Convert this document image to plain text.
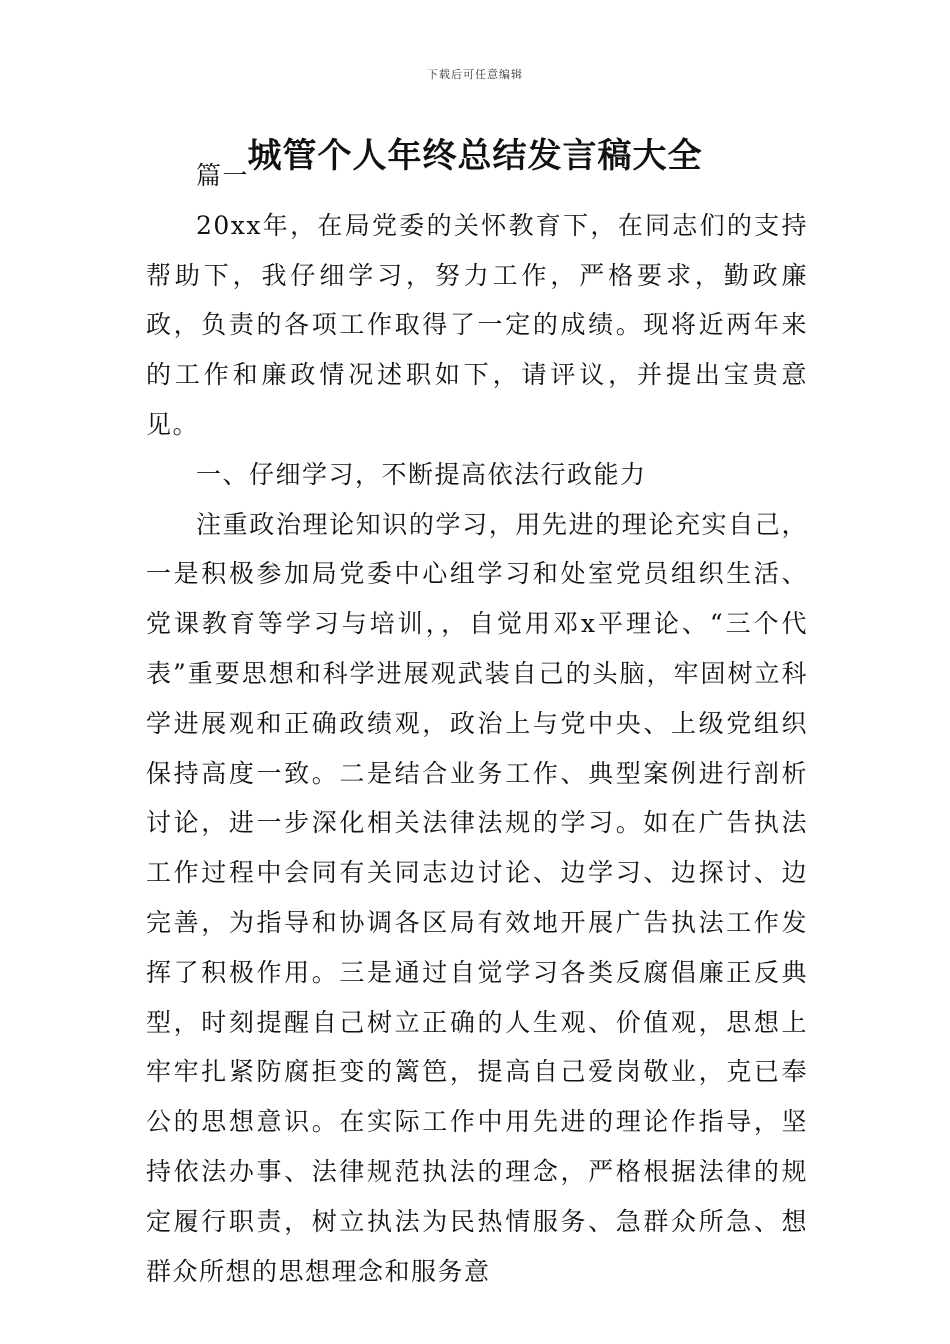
下载后可任意编辑
城管个人年终总结发言稿大全

篇一

20xx年，在局党委的关怀教育下，在同志们的支持帮助下，我仔细学习，努力工作，严格要求，勤政廉政，负责的各项工作取得了一定的成绩。现将近两年来的工作和廉政情况述职如下，请评议，并提出宝贵意见。

一、仔细学习，不断提高依法行政能力

注重政治理论知识的学习，用先进的理论充实自己，一是积极参加局党委中心组学习和处室党员组织生活、党课教育等学习与培训，，自觉用邓x平理论、“三个代表”重要思想和科学进展观武装自己的头脑，牢固树立科学进展观和正确政绩观，政治上与党中央、上级党组织保持高度一致。二是结合业务工作、典型案例进行剖析讨论，进一步深化相关法律法规的学习。如在广告执法工作过程中会同有关同志边讨论、边学习、边探讨、边完善，为指导和协调各区局有效地开展广告执法工作发挥了积极作用。三是通过自觉学习各类反腐倡廉正反典型，时刻提醒自己树立正确的人生观、价值观，思想上牢牢扎紧防腐拒变的篱笆，提高自己爱岗敬业，克已奉公的思想意识。在实际工作中用先进的理论作指导，坚持依法办事、法律规范执法的理念，严格根据法律的规定履行职责，树立执法为民热情服务、急群众所急、想群众所想的思想理念和服务意
